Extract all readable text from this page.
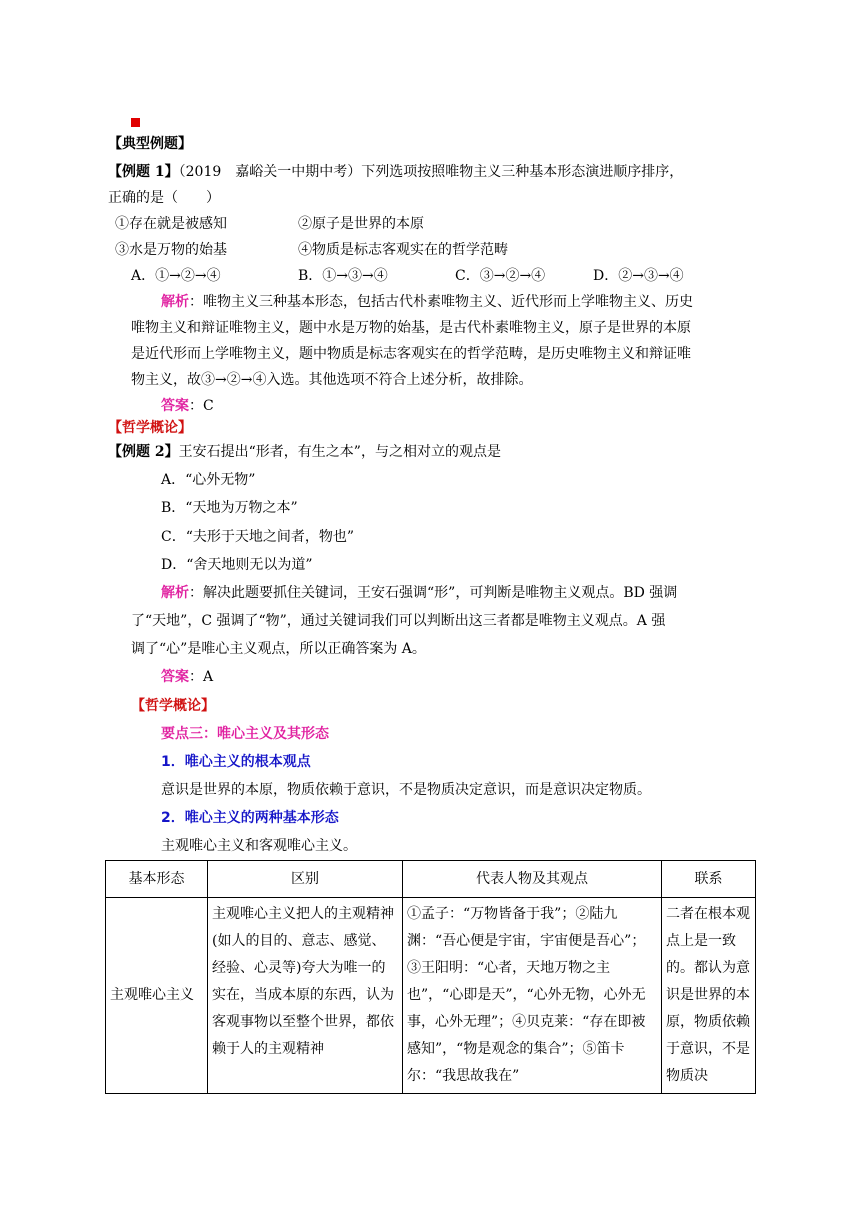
【典型例题】
【例题 1】（2019　嘉峪关一中期中考）下列选项按照唯物主义三种基本形态演进顺序排序，
正确的是（　　）
①存在就是被感知	②原子是世界的本原
③水是万物的始基	④物质是标志客观实在的哲学范畴
A．①→②→④	B．①→③→④	C．③→②→④	D．②→③→④
解析：唯物主义三种基本形态，包括古代朴素唯物主义、近代形而上学唯物主义、历史
唯物主义和辩证唯物主义，题中水是万物的始基，是古代朴素唯物主义，原子是世界的本原
是近代形而上学唯物主义，题中物质是标志客观实在的哲学范畴，是历史唯物主义和辩证唯
物主义，故③→②→④入选。其他选项不符合上述分析，故排除。
答案：C
【哲学概论】
【例题 2】王安石提出“形者，有生之本”，与之相对立的观点是
A．“心外无物”
B．“天地为万物之本”
C．“夫形于天地之间者，物也”
D．“舍天地则无以为道”
解析：解决此题要抓住关键词，王安石强调“形”，可判断是唯物主义观点。BD 强调
了“天地”，C 强调了“物”，通过关键词我们可以判断出这三者都是唯物主义观点。A 强
调了“心”是唯心主义观点，所以正确答案为 A。
答案：A
【哲学概论】
要点三：唯心主义及其形态
1．唯心主义的根本观点
意识是世界的本原，物质依赖于意识，不是物质决定意识，而是意识决定物质。
2．唯心主义的两种基本形态
主观唯心主义和客观唯心主义。
基本形态	区别	代表人物及其观点	联系
主观唯心主义	主观唯心主义把人的主观精神(如人的目的、意志、感觉、经验、心灵等)夸大为唯一的实在，当成本原的东西，认为客观事物以至整个世界，都依赖于人的主观精神	①孟子：“万物皆备于我”；②陆九渊：“吾心便是宇宙，宇宙便是吾心”；③王阳明：“心者，天地万物之主也”，“心即是天”，“心外无物，心外无事，心外无理”；④贝克莱：“存在即被感知”，“物是观念的集合”；⑤笛卡尔：“我思故我在”	二者在根本观点上是一致的。都认为意识是世界的本原，物质依赖于意识，不是物质决
